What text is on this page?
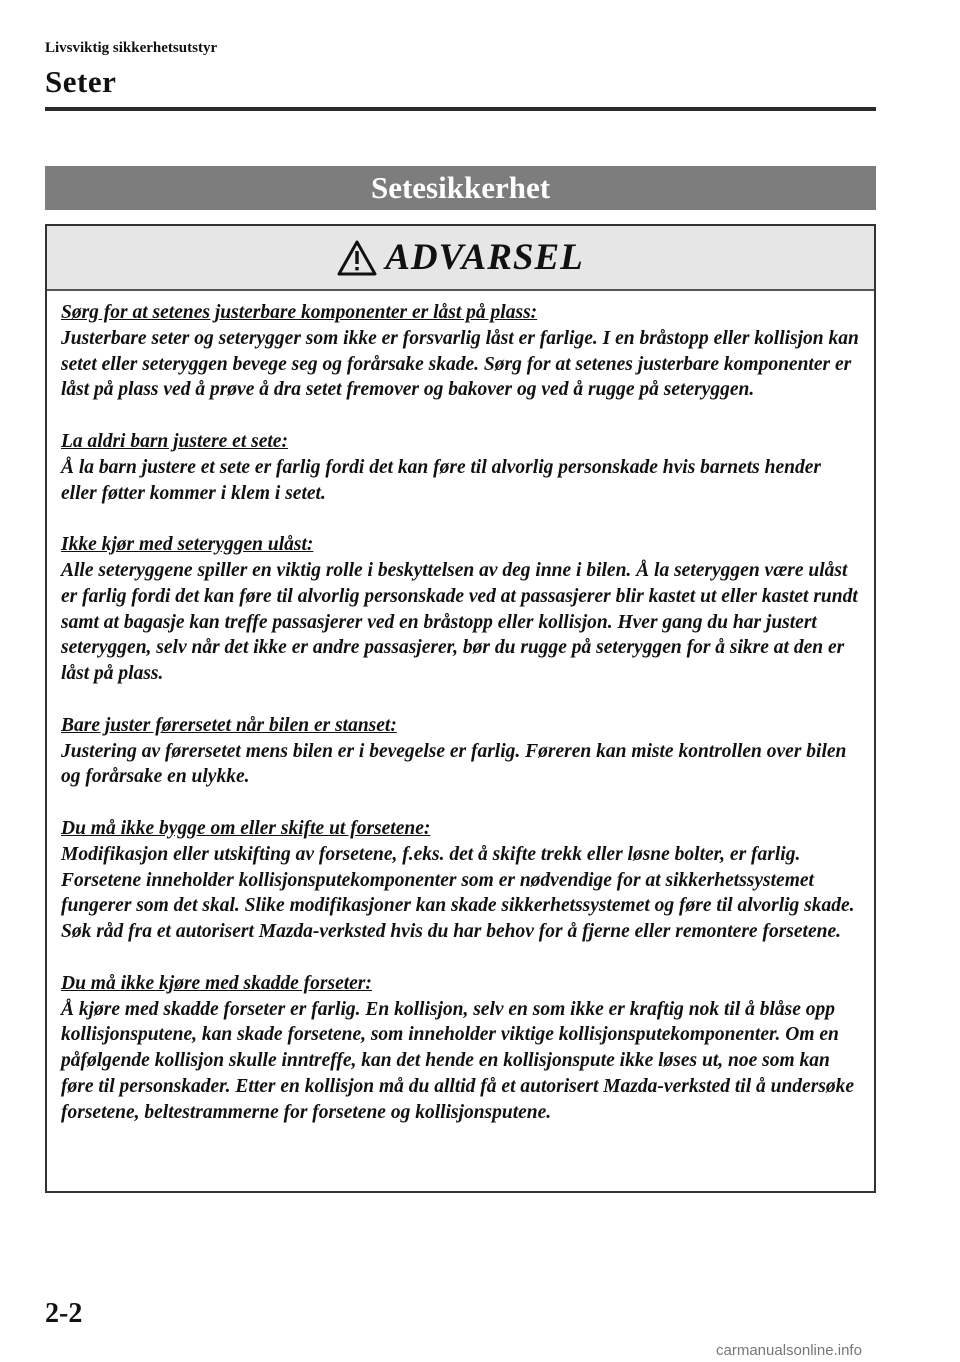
Livsviktig sikkerhetsutstyr
Seter
Setesikkerhet
ADVARSEL
Sørg for at setenes justerbare komponenter er låst på plass:
Justerbare seter og seterygger som ikke er forsvarlig låst er farlige. I en bråstopp eller kollisjon kan setet eller seteryggen bevege seg og forårsake skade. Sørg for at setenes justerbare komponenter er låst på plass ved å prøve å dra setet fremover og bakover og ved å rugge på seteryggen.
La aldri barn justere et sete:
Å la barn justere et sete er farlig fordi det kan føre til alvorlig personskade hvis barnets hender eller føtter kommer i klem i setet.
Ikke kjør med seteryggen ulåst:
Alle seteryggene spiller en viktig rolle i beskyttelsen av deg inne i bilen. Å la seteryggen være ulåst er farlig fordi det kan føre til alvorlig personskade ved at passasjerer blir kastet ut eller kastet rundt samt at bagasje kan treffe passasjerer ved en bråstopp eller kollisjon. Hver gang du har justert seteryggen, selv når det ikke er andre passasjerer, bør du rugge på seteryggen for å sikre at den er låst på plass.
Bare juster førersetet når bilen er stanset:
Justering av førersetet mens bilen er i bevegelse er farlig. Føreren kan miste kontrollen over bilen og forårsake en ulykke.
Du må ikke bygge om eller skifte ut forsetene:
Modifikasjon eller utskifting av forsetene, f.eks. det å skifte trekk eller løsne bolter, er farlig. Forsetene inneholder kollisjonsputekomponenter som er nødvendige for at sikkerhetssystemet fungerer som det skal. Slike modifikasjoner kan skade sikkerhetssystemet og føre til alvorlig skade. Søk råd fra et autorisert Mazda-verksted hvis du har behov for å fjerne eller remontere forsetene.
Du må ikke kjøre med skadde forseter:
Å kjøre med skadde forseter er farlig. En kollisjon, selv en som ikke er kraftig nok til å blåse opp kollisjonsputene, kan skade forsetene, som inneholder viktige kollisjonsputekomponenter. Om en påfølgende kollisjon skulle inntreffe, kan det hende en kollisjonspute ikke løses ut, noe som kan føre til personskader. Etter en kollisjon må du alltid få et autorisert Mazda-verksted til å undersøke forsetene, beltestrammerne for forsetene og kollisjonsputene.
2-2
carmanualsonline.info
